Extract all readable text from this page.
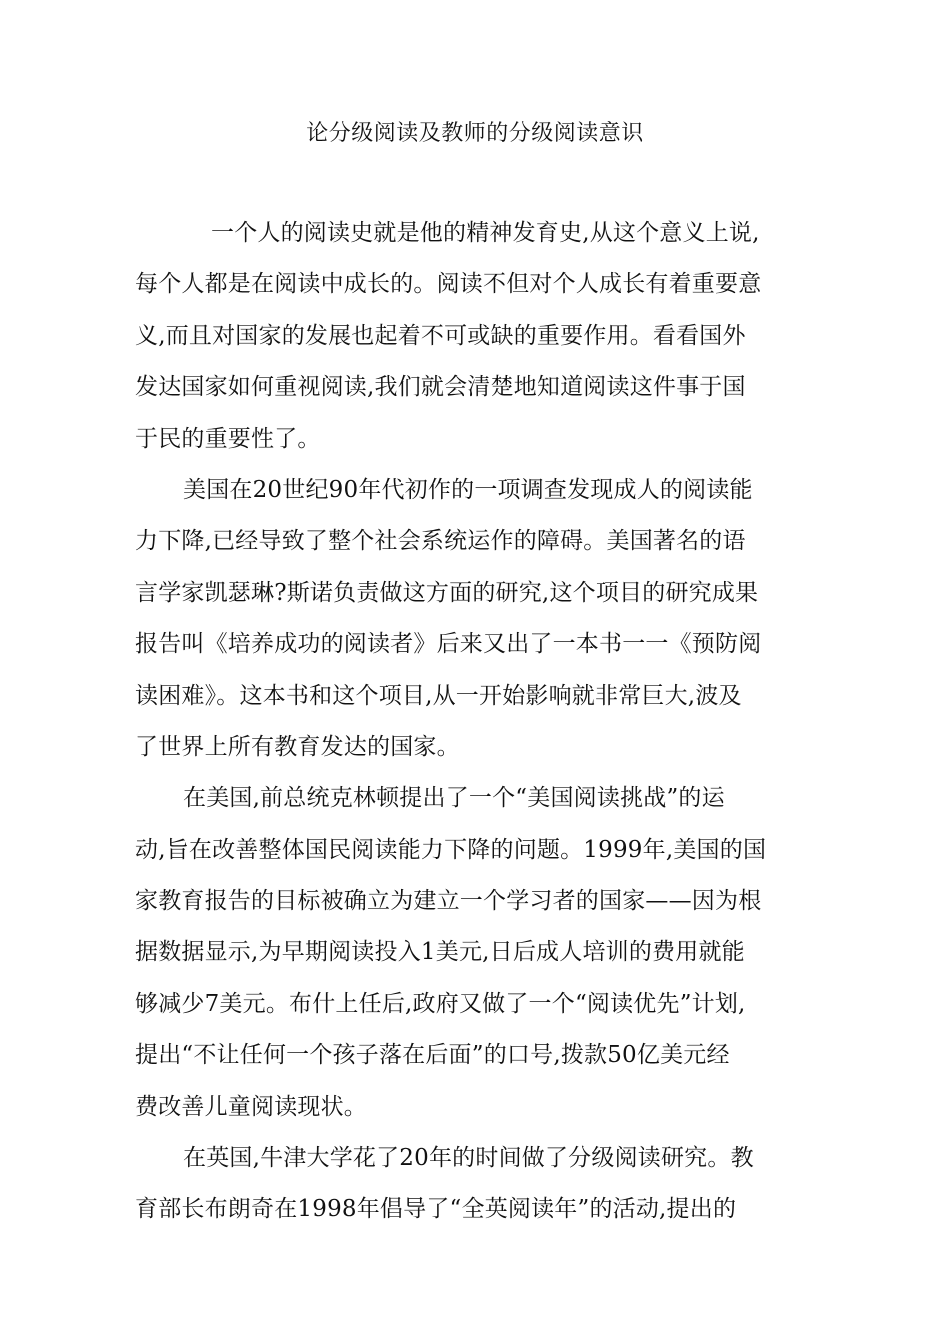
论分级阅读及教师的分级阅读意识
一个人的阅读史就是他的精神发育史,从这个意义上说,
每个人都是在阅读中成长的。阅读不但对个人成长有着重要意
义,而且对国家的发展也起着不可或缺的重要作用。看看国外
发达国家如何重视阅读,我们就会清楚地知道阅读这件事于国
于民的重要性了。
美国在20世纪90年代初作的一项调查发现成人的阅读能
力下降,已经导致了整个社会系统运作的障碍。美国著名的语
言学家凯瑟琳?斯诺负责做这方面的研究,这个项目的研究成果
报告叫《培养成功的阅读者》后来又出了一本书一一《预防阅
读困难》。这本书和这个项目,从一开始影响就非常巨大,波及
了世界上所有教育发达的国家。
在美国,前总统克林顿提出了一个“美国阅读挑战”的运
动,旨在改善整体国民阅读能力下降的问题。1999年,美国的国
家教育报告的目标被确立为建立一个学习者的国家——因为根
据数据显示,为早期阅读投入1美元,日后成人培训的费用就能
够减少7美元。布什上任后,政府又做了一个“阅读优先”计划,
提出“不让任何一个孩子落在后面”的口号,拨款50亿美元经
费改善儿童阅读现状。
在英国,牛津大学花了20年的时间做了分级阅读研究。教
育部长布朗奇在1998年倡导了“全英阅读年”的活动,提出的
